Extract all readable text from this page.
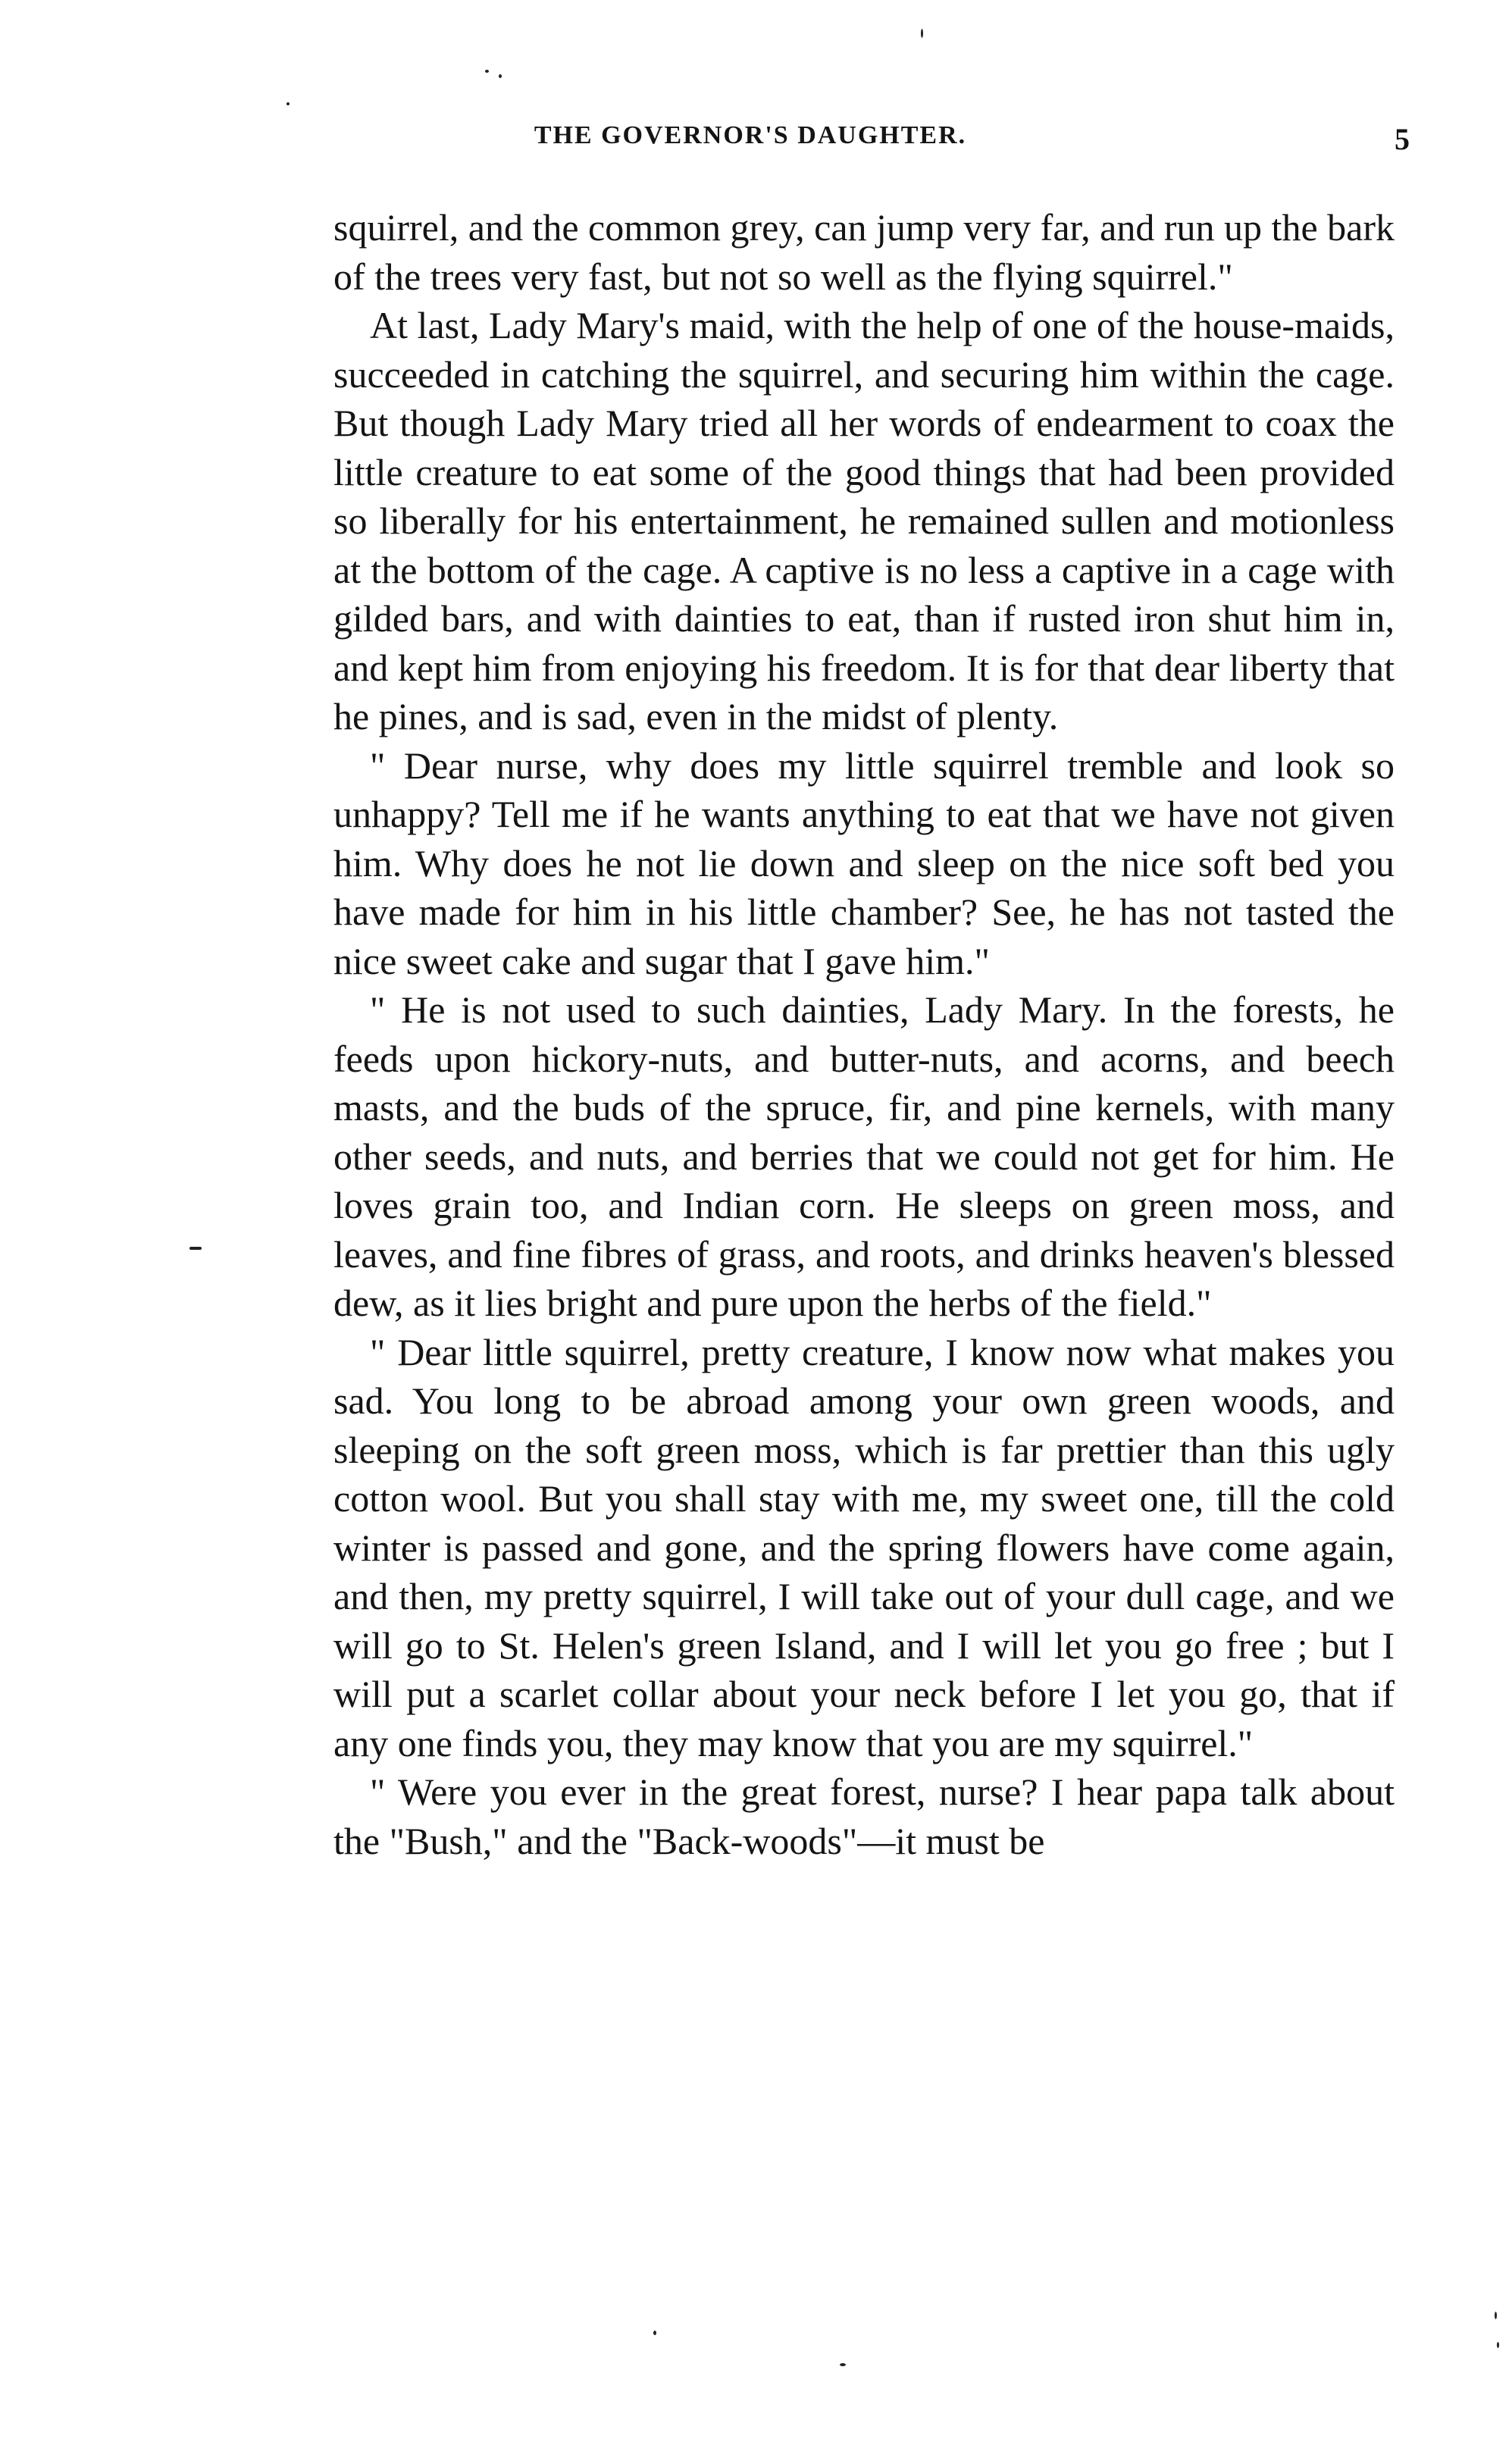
THE GOVERNOR'S DAUGHTER.	5

squirrel, and the common grey, can jump very far, and run up the bark of the trees very fast, but not so well as the flying squirrel."

At last, Lady Mary's maid, with the help of one of the house-maids, succeeded in catching the squirrel, and securing him within the cage. But though Lady Mary tried all her words of endearment to coax the little creature to eat some of the good things that had been provided so liberally for his entertainment, he remained sullen and motionless at the bottom of the cage. A captive is no less a captive in a cage with gilded bars, and with dainties to eat, than if rusted iron shut him in, and kept him from enjoying his freedom. It is for that dear liberty that he pines, and is sad, even in the midst of plenty.

" Dear nurse, why does my little squirrel tremble and look so unhappy? Tell me if he wants anything to eat that we have not given him. Why does he not lie down and sleep on the nice soft bed you have made for him in his little chamber? See, he has not tasted the nice sweet cake and sugar that I gave him."

" He is not used to such dainties, Lady Mary. In the forests, he feeds upon hickory-nuts, and butter-nuts, and acorns, and beech masts, and the buds of the spruce, fir, and pine kernels, with many other seeds, and nuts, and berries that we could not get for him. He loves grain too, and Indian corn. He sleeps on green moss, and leaves, and fine fibres of grass, and roots, and drinks heaven's blessed dew, as it lies bright and pure upon the herbs of the field."

" Dear little squirrel, pretty creature, I know now what makes you sad. You long to be abroad among your own green woods, and sleeping on the soft green moss, which is far prettier than this ugly cotton wool. But you shall stay with me, my sweet one, till the cold winter is passed and gone, and the spring flowers have come again, and then, my pretty squirrel, I will take out of your dull cage, and we will go to St. Helen's green Island, and I will let you go free ; but I will put a scarlet collar about your neck before I let you go, that if any one finds you, they may know that you are my squirrel."

" Were you ever in the great forest, nurse? I hear papa talk about the "Bush," and the "Back-woods"—it must be
